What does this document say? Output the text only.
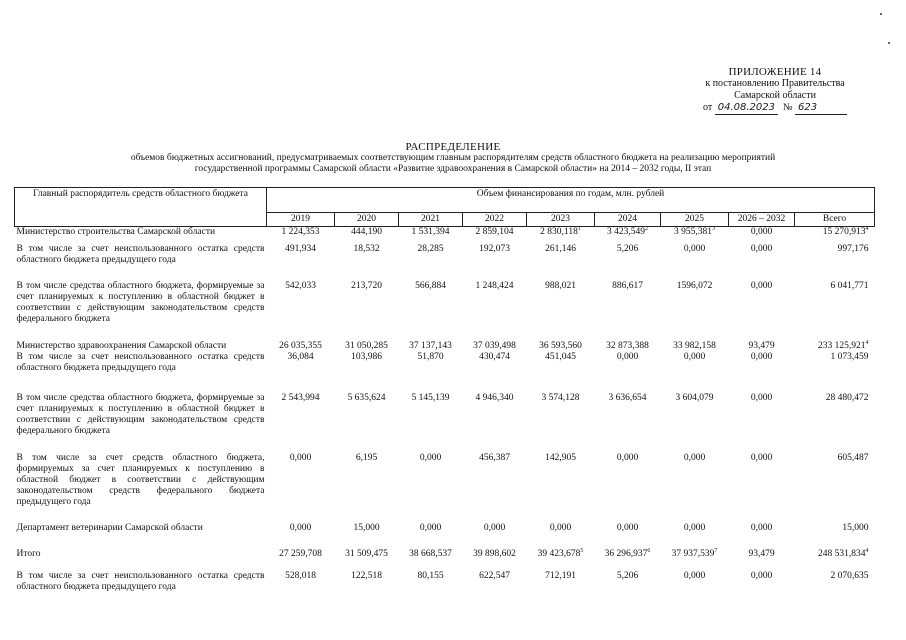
ПРИЛОЖЕНИЕ 14
к постановлению Правительства
Самарской области
от 04.08.2023 № 623
РАСПРЕДЕЛЕНИЕ
объемов бюджетных ассигнований, предусматриваемых соответствующим главным распорядителям средств областного бюджета на реализацию мероприятий
государственной программы Самарской области «Развитие здравоохранения в Самарской области» на 2014 – 2032 годы, II этап
Главный распорядитель средств областного бюджета	Объем финансирования по годам, млн. рублей								
	2019	2020	2021	2022	2023	2024	2025	2026 – 2032	Всего
Министерство строительства Самарской области	1 224,353	444,190	1 531,394	2 859,104	2 830,118$^1$	3 423,549$^2$	3 955,381$^3$	0,000	15 270,913$^4$
В том числе за счет неиспользованного остатка средств областного бюджета предыдущего года	491,934	18,532	28,285	192,073	261,146	5,206	0,000	0,000	997,176
В том числе средства областного бюджета, формируемые за счет планируемых к поступлению в областной бюджет в соответствии с действующим законодательством средств федерального бюджета	542,033	213,720	566,884	1 248,424	988,021	886,617	1596,072	0,000	6 041,771
Министерство здравоохранения Самарской области	26 035,355	31 050,285	37 137,143	37 039,498	36 593,560	32 873,388	33 982,158	93,479	233 125,921$^4$
В том числе за счет неиспользованного остатка средств областного бюджета предыдущего года	36,084	103,986	51,870	430,474	451,045	0,000	0,000	0,000	1 073,459
В том числе средства областного бюджета, формируемые за счет планируемых к поступлению в областной бюджет в соответствии с действующим законодательством средств федерального бюджета	2 543,994	5 635,624	5 145,139	4 946,340	3 574,128	3 636,654	3 604,079	0,000	28 480,472
В том числе за счет средств областного бюджета, формируемых за счет планируемых к поступлению в областной бюджет в соответствии с действующим законодательством средств федерального бюджета предыдущего года	0,000	6,195	0,000	456,387	142,905	0,000	0,000	0,000	605,487
Департамент ветеринарии Самарской области	0,000	15,000	0,000	0,000	0,000	0,000	0,000	0,000	15,000
Итого	27 259,708	31 509,475	38 668,537	39 898,602	39 423,678$^5$	36 296,937$^6$	37 937,539$^7$	93,479	248 531,834$^4$
В том числе за счет неиспользованного остатка средств областного бюджета предыдущего года	528,018	122,518	80,155	622,547	712,191	5,206	0,000	0,000	2 070,635
